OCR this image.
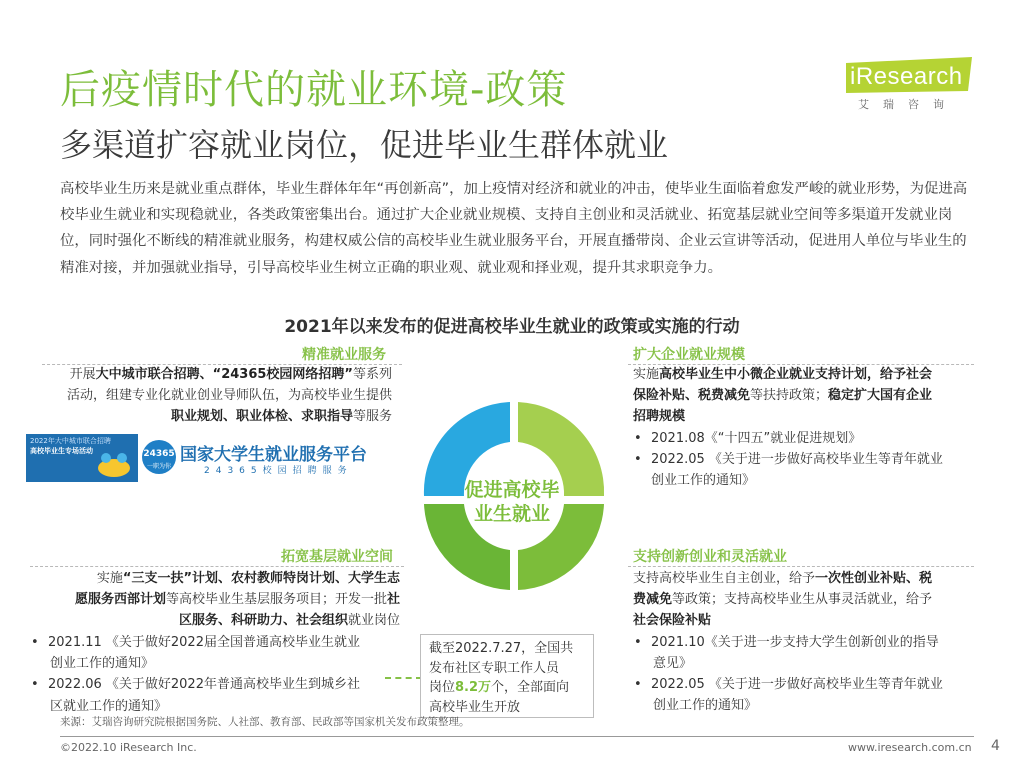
后疫情时代的就业环境-政策
多渠道扩容就业岗位，促进毕业生群体就业
iResearch
艾瑞咨询
高校毕业生历来是就业重点群体，毕业生群体年年“再创新高”，加上疫情对经济和就业的冲击，使毕业生面临着愈发严峻的就业形势，为促进高校毕业生就业和实现稳就业，各类政策密集出台。通过扩大企业就业规模、支持自主创业和灵活就业、拓宽基层就业空间等多渠道开发就业岗位，同时强化不断线的精准就业服务，构建权威公信的高校毕业生就业服务平台，开展直播带岗、企业云宣讲等活动，促进用人单位与毕业生的精准对接，并加强就业指导，引导高校毕业生树立正确的职业观、就业观和择业观，提升其求职竞争力。
2021年以来发布的促进高校毕业生就业的政策或实施的行动
促进高校毕
业生就业
精准就业服务
开展大中城市联合招聘、“24365校园网络招聘”等系列
活动，组建专业化就业创业导师队伍，为高校毕业生提供
职业规划、职业体检、求职指导等服务
2022年大中城市联合招聘
高校毕业生专场活动	24365
一职为你
国家大学生就业服务平台
24365校园招聘服务
扩大企业就业规模
实施高校毕业生中小微企业就业支持计划，给予社会
保险补贴、税费减免等扶持政策；稳定扩大国有企业
招聘规模
• 2021.08《“十四五”就业促进规划》
• 2022.05 《关于进一步做好高校毕业生等青年就业
创业工作的通知》
拓宽基层就业空间
实施“三支一扶”计划、农村教师特岗计划、大学生志
愿服务西部计划等高校毕业生基层服务项目；开发一批社
区服务、科研助力、社会组织就业岗位
• 2021.11 《关于做好2022届全国普通高校毕业生就业
创业工作的通知》
• 2022.06 《关于做好2022年普通高校毕业生到城乡社
区就业工作的通知》
支持创新创业和灵活就业
支持高校毕业生自主创业，给予一次性创业补贴、税
费减免等政策；支持高校毕业生从事灵活就业，给予
社会保险补贴
• 2021.10《关于进一步支持大学生创新创业的指导
意见》
• 2022.05 《关于进一步做好高校毕业生等青年就业
创业工作的通知》
截至2022.7.27，全国共
发布社区专职工作人员
岗位8.2万个，全部面向
高校毕业生开放
来源：艾瑞咨询研究院根据国务院、人社部、教育部、民政部等国家机关发布政策整理。
©2022.10 iResearch Inc.	www.iresearch.com.cn 4
